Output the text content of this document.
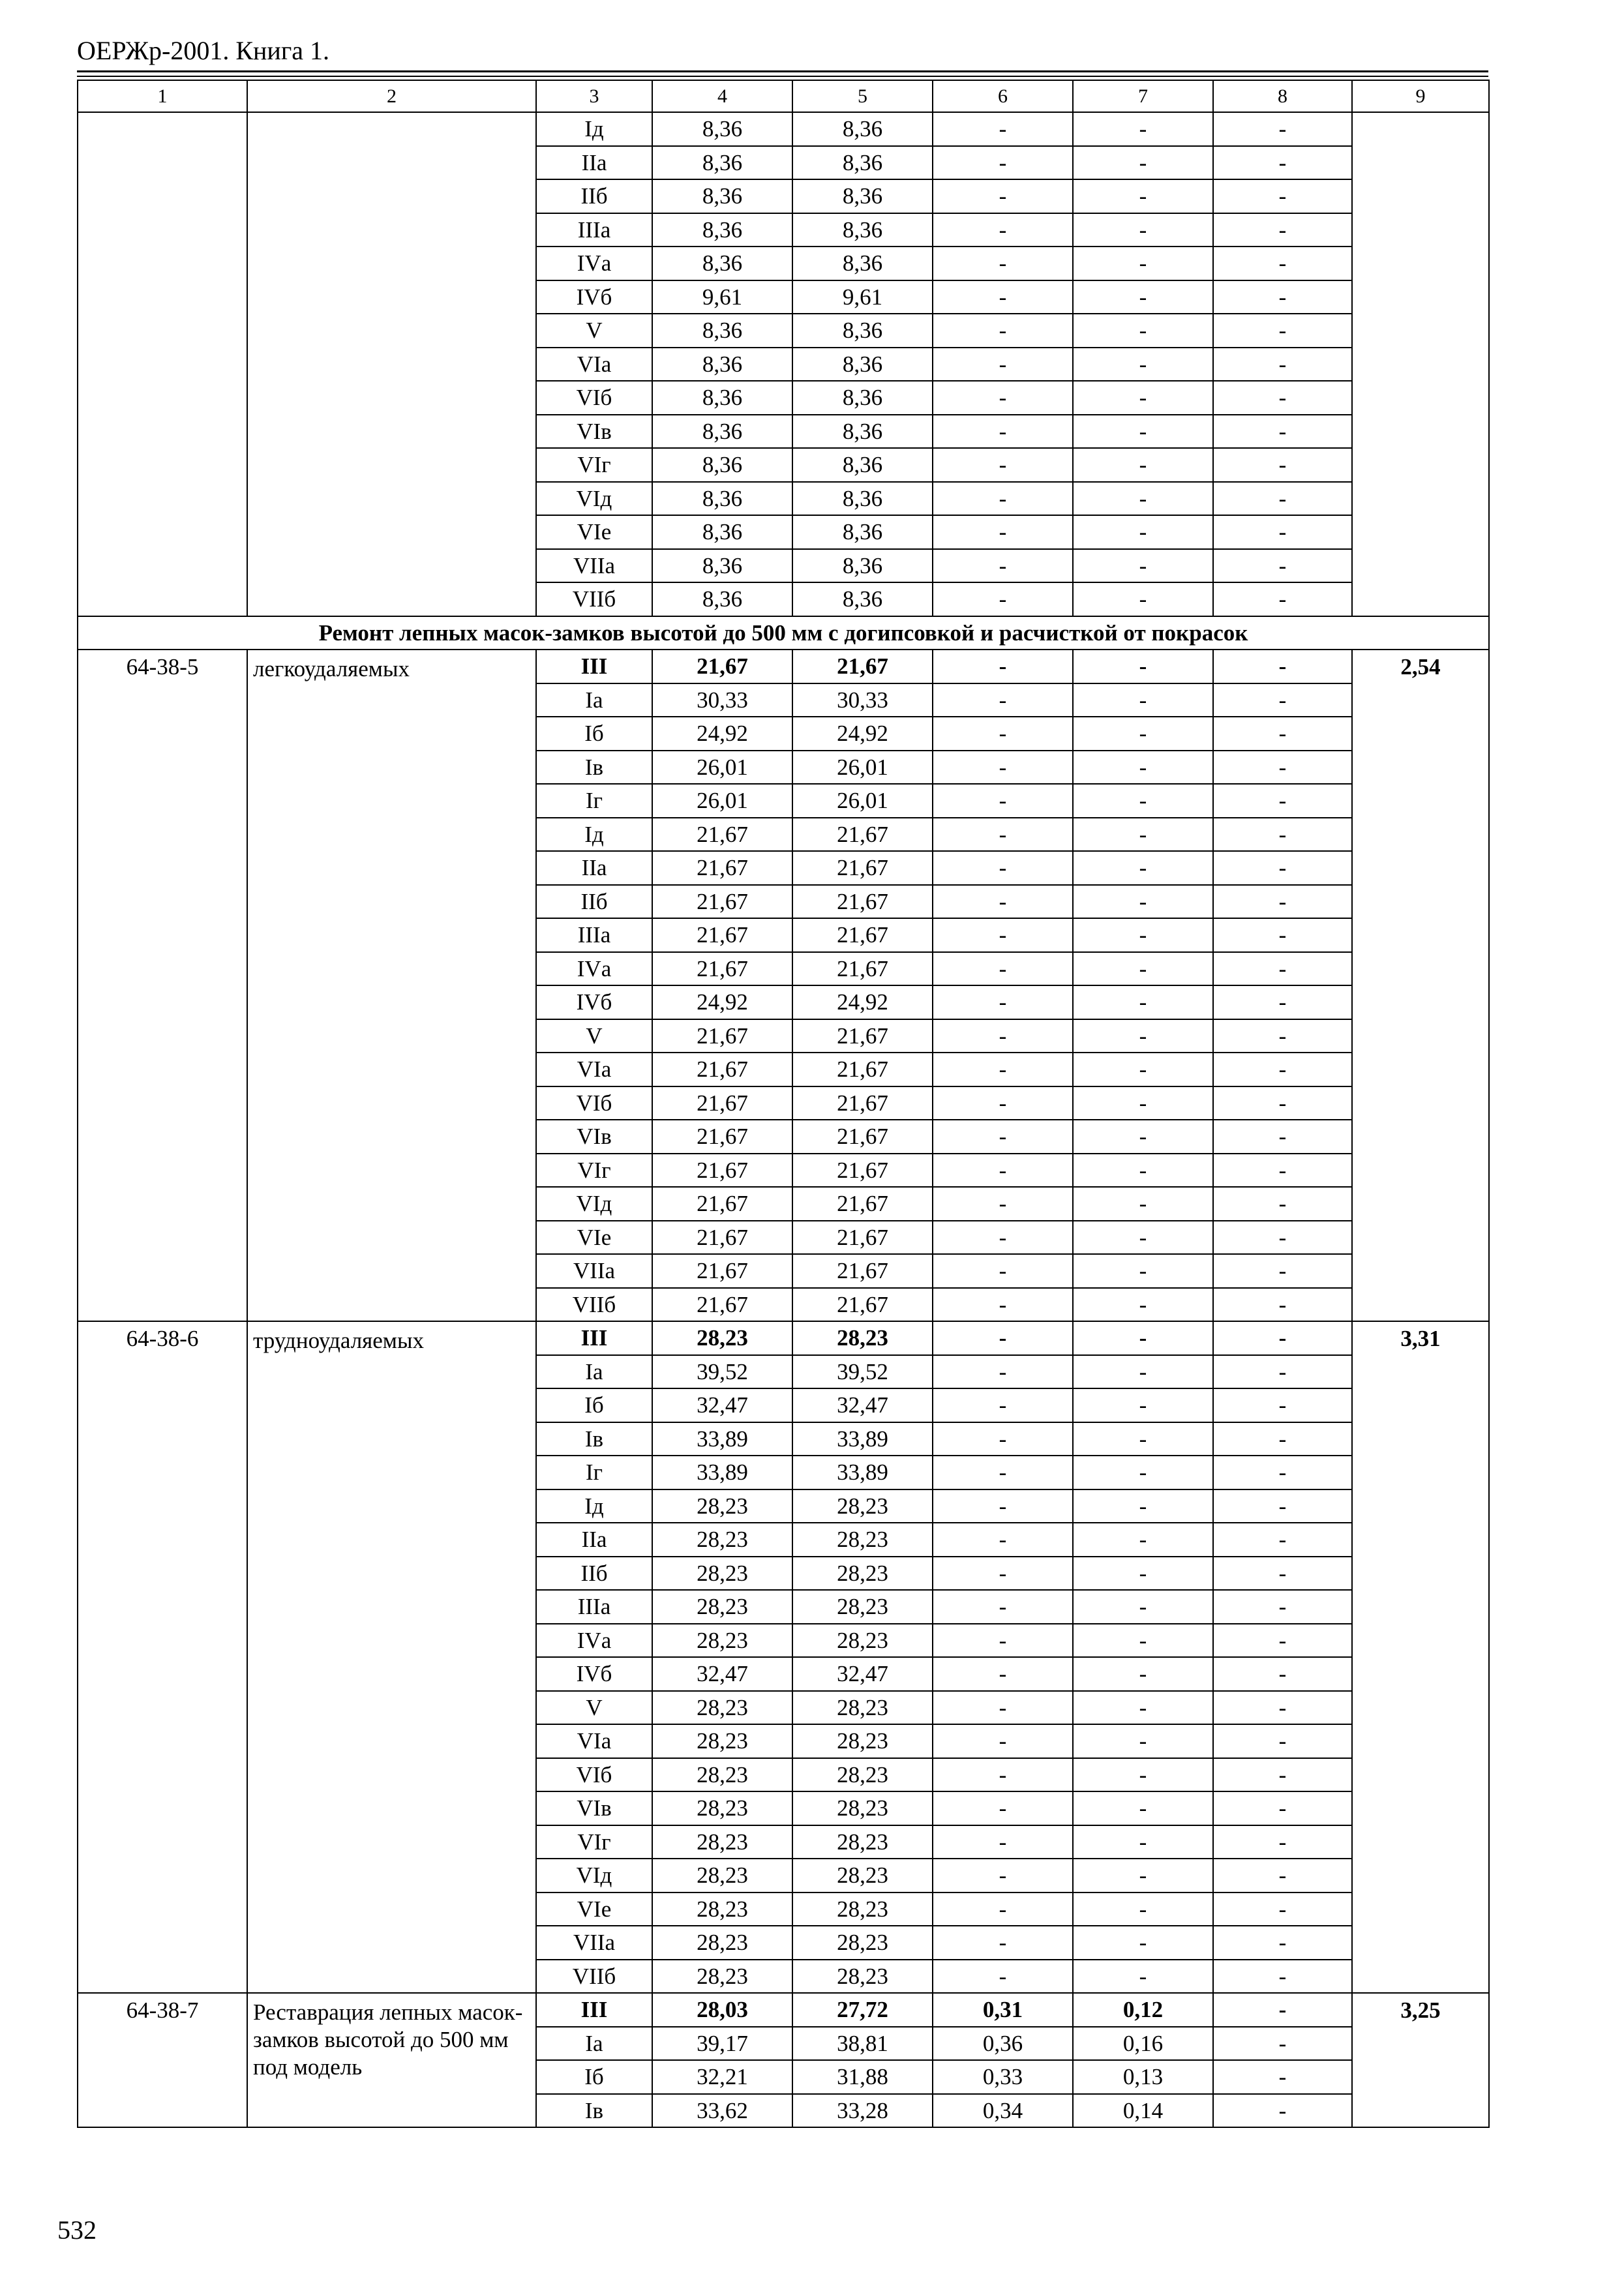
ОЕРЖр-2001. Книга 1.
1	2	3	4	5	6	7	8	9
		Iд	8,36	8,36	-	-	-	
		IIа	8,36	8,36	-	-	-	
		IIб	8,36	8,36	-	-	-	
		IIIа	8,36	8,36	-	-	-	
		IVа	8,36	8,36	-	-	-	
		IVб	9,61	9,61	-	-	-	
		V	8,36	8,36	-	-	-	
		VIа	8,36	8,36	-	-	-	
		VIб	8,36	8,36	-	-	-	
		VIв	8,36	8,36	-	-	-	
		VIг	8,36	8,36	-	-	-	
		VIд	8,36	8,36	-	-	-	
		VIе	8,36	8,36	-	-	-	
		VIIа	8,36	8,36	-	-	-	
		VIIб	8,36	8,36	-	-	-	
Ремонт лепных масок-замков высотой до 500 мм с догипсовкой и расчисткой от покрасок								
64-38-5	легкоудаляемых	III	21,67	21,67	-	-	-	2,54
		Iа	30,33	30,33	-	-	-	
		Iб	24,92	24,92	-	-	-	
		Iв	26,01	26,01	-	-	-	
		Iг	26,01	26,01	-	-	-	
		Iд	21,67	21,67	-	-	-	
		IIа	21,67	21,67	-	-	-	
		IIб	21,67	21,67	-	-	-	
		IIIа	21,67	21,67	-	-	-	
		IVа	21,67	21,67	-	-	-	
		IVб	24,92	24,92	-	-	-	
		V	21,67	21,67	-	-	-	
		VIа	21,67	21,67	-	-	-	
		VIб	21,67	21,67	-	-	-	
		VIв	21,67	21,67	-	-	-	
		VIг	21,67	21,67	-	-	-	
		VIд	21,67	21,67	-	-	-	
		VIе	21,67	21,67	-	-	-	
		VIIа	21,67	21,67	-	-	-	
		VIIб	21,67	21,67	-	-	-	
64-38-6	трудноудаляемых	III	28,23	28,23	-	-	-	3,31
		Iа	39,52	39,52	-	-	-	
		Iб	32,47	32,47	-	-	-	
		Iв	33,89	33,89	-	-	-	
		Iг	33,89	33,89	-	-	-	
		Iд	28,23	28,23	-	-	-	
		IIа	28,23	28,23	-	-	-	
		IIб	28,23	28,23	-	-	-	
		IIIа	28,23	28,23	-	-	-	
		IVа	28,23	28,23	-	-	-	
		IVб	32,47	32,47	-	-	-	
		V	28,23	28,23	-	-	-	
		VIа	28,23	28,23	-	-	-	
		VIб	28,23	28,23	-	-	-	
		VIв	28,23	28,23	-	-	-	
		VIг	28,23	28,23	-	-	-	
		VIд	28,23	28,23	-	-	-	
		VIе	28,23	28,23	-	-	-	
		VIIа	28,23	28,23	-	-	-	
		VIIб	28,23	28,23	-	-	-	
64-38-7	Реставрация лепных масок-замков высотой до 500 мм под модель	III	28,03	27,72	0,31	0,12	-	3,25
		Iа	39,17	38,81	0,36	0,16	-	
		Iб	32,21	31,88	0,33	0,13	-	
		Iв	33,62	33,28	0,34	0,14	-	
532
